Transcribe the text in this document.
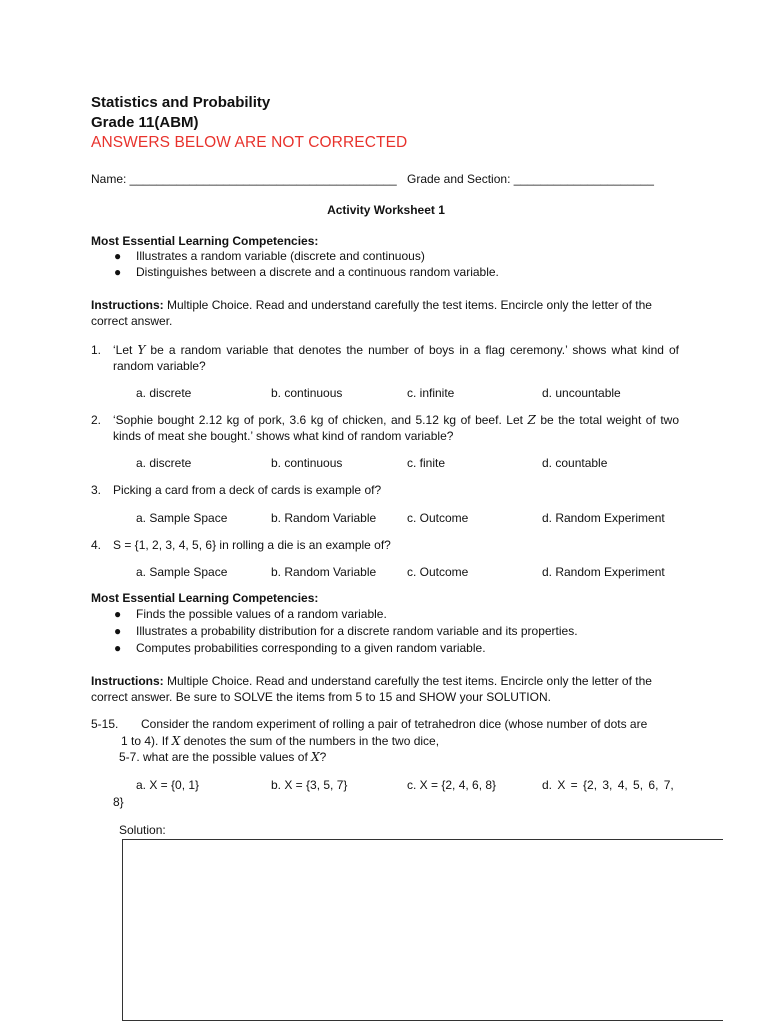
Statistics and Probability
Grade 11(ABM)
ANSWERS BELOW ARE NOT CORRECTED
Name: ________________________________________ Grade and Section: _____________________
Activity Worksheet 1
Most Essential Learning Competencies:
● Illustrates a random variable (discrete and continuous)
● Distinguishes between a discrete and a continuous random variable.
Instructions: Multiple Choice. Read and understand carefully the test items. Encircle only the letter of the correct answer.
1. ‘Let Y be a random variable that denotes the number of boys in a flag ceremony.’ shows what kind of random variable?
a. discrete	b. continuous	c. infinite	d. uncountable
2. ‘Sophie bought 2.12 kg of pork, 3.6 kg of chicken, and 5.12 kg of beef. Let Z be the total weight of two kinds of meat she bought.’ shows what kind of random variable?
a. discrete	b. continuous	c. finite	d. countable
3. Picking a card from a deck of cards is example of?
a. Sample Space	b. Random Variable	c. Outcome	d. Random Experiment
4. S = {1, 2, 3, 4, 5, 6} in rolling a die is an example of?
a. Sample Space	b. Random Variable	c. Outcome	d. Random Experiment
Most Essential Learning Competencies:
● Finds the possible values of a random variable.
● Illustrates a probability distribution for a discrete random variable and its properties.
● Computes probabilities corresponding to a given random variable.
Instructions: Multiple Choice. Read and understand carefully the test items. Encircle only the letter of the correct answer. Be sure to SOLVE the items from 5 to 15 and SHOW your SOLUTION.
5-15. Consider the random experiment of rolling a pair of tetrahedron dice (whose number of dots are
1 to 4). If X denotes the sum of the numbers in the two dice,
5-7. what are the possible values of X?
a. X = {0, 1}	b. X = {3, 5, 7}	c. X = {2, 4, 6, 8}	d. X = {2, 3, 4, 5, 6, 7,
8}
Solution:
